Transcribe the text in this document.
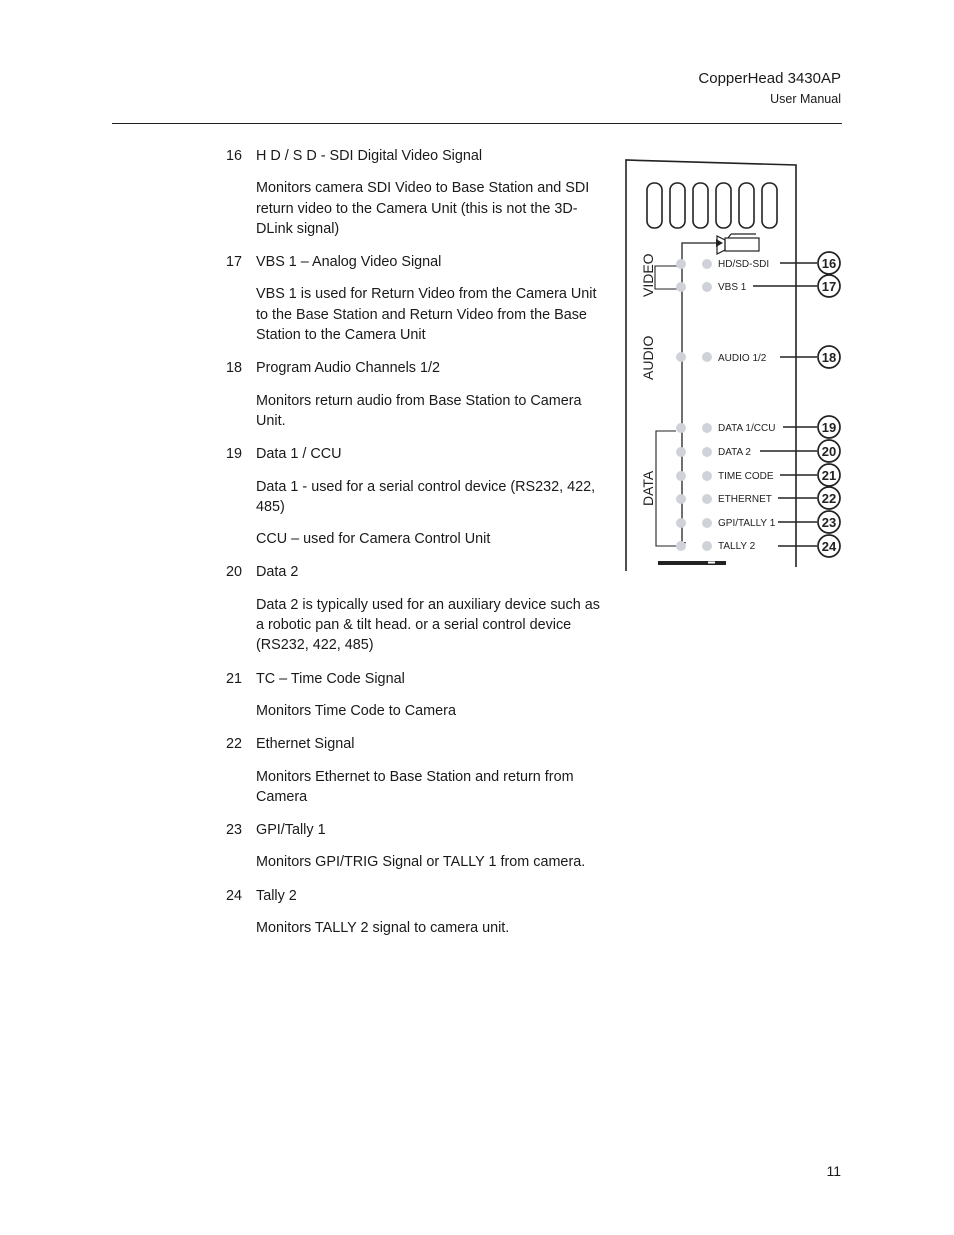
CopperHead 3430AP
User Manual
16 H D / S D - SDI Digital Video Signal
Monitors camera SDI Video to Base Station and SDI return video to the Camera Unit (this is not the 3D-DLink signal)
17 VBS 1 – Analog Video Signal
VBS 1 is used for Return Video from the Camera Unit to the Base Station and Return Video from the Base Station to the Camera Unit
18 Program Audio Channels 1/2
Monitors return audio from Base Station to Camera Unit.
19 Data 1 / CCU
Data 1 - used for a serial control device (RS232, 422, 485)
CCU – used for Camera Control Unit
20 Data 2
Data 2 is typically used for an auxiliary device such as a robotic pan & tilt head. or a serial control device (RS232, 422, 485)
21 TC – Time Code Signal
Monitors Time Code to Camera
22 Ethernet Signal
Monitors Ethernet to Base Station and return from Camera
23 GPI/Tally 1
Monitors GPI/TRIG Signal or TALLY 1 from camera.
24 Tally 2
Monitors TALLY 2 signal to camera unit.
VIDEO
AUDIO
DATA
HD/SD-SDI	16
VBS 1	17
AUDIO 1/2	18
DATA 1/CCU	19
DATA 2	20
TIME CODE	21
ETHERNET	22
GPI/TALLY 1	23
TALLY 2	24
11
